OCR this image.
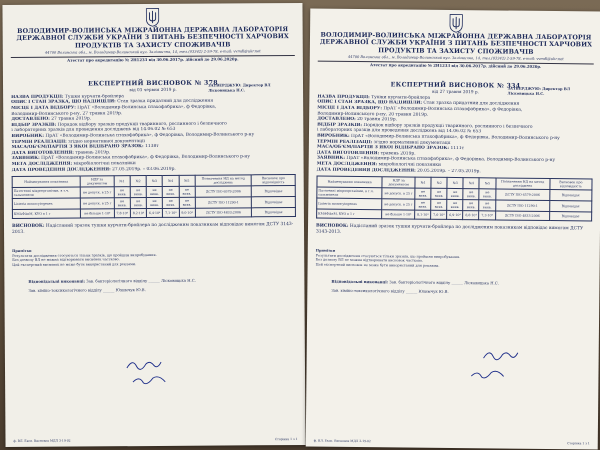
ВОЛОДИМИР-ВОЛИНСЬКА МІЖРАЙОННА ДЕРЖАВНА ЛАБОРАТОРІЯ ДЕРЖАВНОЇ СЛУЖБИ УКРАЇНИ З ПИТАНЬ БЕЗПЕЧНОСТІ ХАРЧОВИХ ПРОДУКТІВ ТА ЗАХИСТУ СПОЖИВАЧІВ
44700 Волинська обл., м. Володимир-Волинський вул. Залізнична, 14, тел.(03342) 2-59-78, e-mail: vvmdl@ukr.net
Атестат про акредитацію № 2H1233 від 30.06.2017р. дійсний до 29.06.2020р.
ЗАТВЕРДЖУЮ: Директор ВЛ
Лісковицька Н.С.
ЕКСПЕРТНИЙ ВИСНОВОК № 378
від 03 червня 2019 р.
НАЗВА ПРОДУКЦІЇ: Тушки курчати-бройлера
ОПИС І СТАН ЗРАЗКА, ЩО НАДІЙШЛИ: Стан зразка придатний для дослідження
МІСЦЕ І ДАТА ВІДБОРУ: ПрАТ «Володимир-Волинська птахофабрика», ф Федорівка,
Володимир-Волинського р-ну, 27 травня 2019р.
ДОСТАВЛЕНО: 27 травня 2019р.
ВІДБІР ЗРАЗКІВ: Порядок відбору зразків продукції тваринного, рослинного і безпечного
і лабораторних зразків для проведення досліджень від 14.06.02 № 653
ВИРОБНИК: ПрАТ «Володимир-Волинська птахофабрика», ф Федорівка, Володимир-Волинського р-ну
ТЕРМІН РЕАЛІЗАЦІЇ: згідно нормативної документації
МАСА/ОБ'ЄМ/ПАРТІЯ З ЯКОЇ ВІДІБРАНО ЗРАЗОК: 1138т
ДАТА ВИГОТОВЛЕННЯ: травень 2019р.
ЗАЯВНИК: ПрАТ «Володимир-Волинська птахофабрика», ф Федорівка, Володимир-Волинського р-ну
МЕТА ДОСЛІДЖЕННЯ: мікробіологічні показники
ДАТА ПРОВЕДЕННЯ ДОСЛІДЖЕННЯ: 27.05.2019р. – 03.06.2019р.
Найменування показника	НДР за документом	№1	№2	№3	№4	№5	Позначення НД на метод досліджень	Висновок про відповідність
Патогенні мікроорганізми, в т.ч. сальмонели	не допуск. в 25 г	не вияв.	не вияв.	не вияв.	не вияв.	не вияв.	ДСТУ ISO 6579:2006	Відповідає
Listeria monocytogenes	не допуск. в 25 г	не вияв.	не вияв.	не вияв.	не вияв.	не вияв.	ДСТУ ISO 11290-1	Відповідає
КМАФАнМ, КУО в 1 г	не більше 1·10⁶	7,8·10⁴	8,2·10⁴	6,4·10⁴	7,1·10⁴	9,0·10⁴	ДСТУ ISO 4833:2006	Відповідає
ВИСНОВОК: Надісланий зразок тушки курчати-бройлера по дослідженим показникам відповідає вимогам ДСТУ 3143-2013.
Примітки
Результати дослідження стосуються тільки зразків, що пройшли випробування.
Без дозволу ВЛ не можна відтворювати висновок частково.
Цей експертний висновок не може бути використаний для реклами.
Відповідальні виконавці: Зав. бактеріологічного відділу ______ Лісковицька Н.С.
Зав. хіміко-токсикологічного відділу ______ Юхимчук Ю.В.
ф. ВЛ. Експ. Висновок МДЛ 3-19-02	Сторінка 1 з 1
ВОЛОДИМИР-ВОЛИНСЬКА МІЖРАЙОННА ДЕРЖАВНА ЛАБОРАТОРІЯ ДЕРЖАВНОЇ СЛУЖБИ УКРАЇНИ З ПИТАНЬ БЕЗПЕЧНОСТІ ХАРЧОВИХ ПРОДУКТІВ ТА ЗАХИСТУ СПОЖИВАЧІВ
44700 Волинська обл., м. Володимир-Волинський вул. Залізнична, 14, тел.(03342) 2-59-78, e-mail: vvmdl@ukr.net
Атестат про акредитацію № 2H1233 від 30.06.2017р. дійсний до 29.06.2020р.
ЗАТВЕРДЖУЮ: Директор ВЛ
Лісковицька Н.С.
ЕКСПЕРТНИЙ ВИСНОВОК № 334
від 27 травня 2019 р.
НАЗВА ПРОДУКЦІЇ: Тушки курчати-бройлера
ОПИС І СТАН ЗРАЗКА, ЩО НАДІЙШЛИ: Стан зразка придатний для дослідження
МІСЦЕ І ДАТА ВІДБОРУ: ПрАТ «Володимир-Волинська птахофабрика», ф Федорівка,
Володимир-Волинського р-ну, 20 травня 2019р.
ДОСТАВЛЕНО: 20 травня 2019р.
ВІДБІР ЗРАЗКІВ: Порядок відбору зразків продукції тваринного, рослинного і безпечного
і лабораторних зразків для проведення досліджень від 14.06.02 № 653
ВИРОБНИК: ПрАТ «Володимир-Волинська птахофабрика», ф Федорівка, Володимир-Волинського р-ну
ТЕРМІН РЕАЛІЗАЦІЇ: згідно нормативної документації
МАСА/ОБ'ЄМ/ПАРТІЯ З ЯКОЇ ВІДІБРАНО ЗРАЗОК: 1111т
ДАТА ВИГОТОВЛЕННЯ: травень 2019р.
ЗАЯВНИК: ПрАТ «Володимир-Волинська птахофабрика», ф Федорівка, Володимир-Волинського р-ну
МЕТА ДОСЛІДЖЕННЯ: мікробіологічні показники
ДАТА ПРОВЕДЕННЯ ДОСЛІДЖЕННЯ: 20.05.2019р. – 27.05.2019р.
Найменування показника	НДР за документом	№1	№2	№3	№4	№5	Позначення НД на метод досліджень	Висновок про відповідність
Патогенні мікроорганізми, в т.ч. сальмонели	не допуск. в 25 г	не вияв.	не вияв.	не вияв.	не вияв.	не вияв.	ДСТУ ISO 6579:2006	Відповідає
Listeria monocytogenes	не допуск. в 25 г	не вияв.	не вияв.	не вияв.	не вияв.	не вияв.	ДСТУ ISO 11290-1	Відповідає
КМАФАнМ, КУО в 1 г	не більше 1·10⁶	8,1·10⁴	7,6·10⁴	6,9·10⁴	8,8·10⁴	7,3·10⁴	ДСТУ ISO 4833:2006	Відповідає
ВИСНОВОК: Надісланий зразок тушки курчати-бройлера по дослідженим показникам відповідає вимогам ДСТУ 3143-2013.
Примітки
Результати дослідження стосуються тільки зразків, що пройшли випробування.
Без дозволу ВЛ не можна відтворювати висновок частково.
Цей експертний висновок не може бути використаний для реклами.
Відповідальні виконавці: Зав. бактеріологічного відділу ______ Лісковицька Н.С.
Зав. хіміко-токсикологічного відділу ______ Юхимчук Ю.В.
ф. ВЛ. Експ. Висновок МДЛ 3-19-02
Сторінка 1 з 1
